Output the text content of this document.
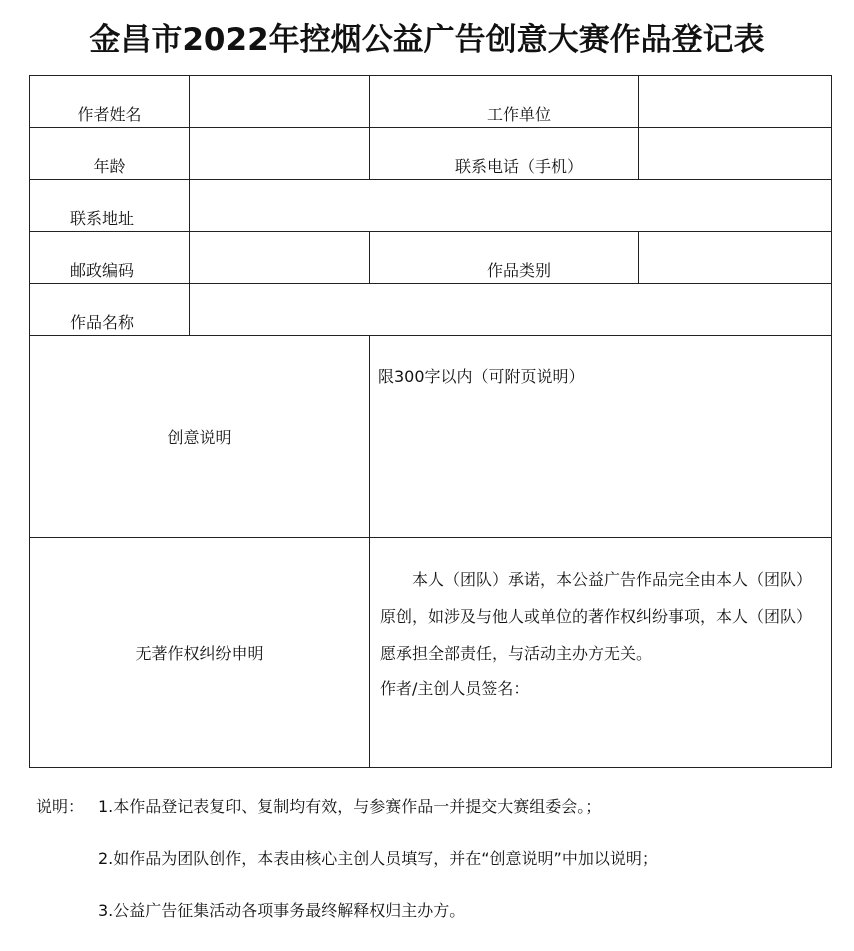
金昌市2022年控烟公益广告创意大赛作品登记表
作者姓名		工作单位	
年龄		联系电话（手机）	
联系地址			
邮政编码		作品类别	
作品名称			
创意说明		限300字以内（可附页说明）	
无著作权纠纷申明		本人（团队）承诺，本公益广告作品完全由本人（团队）原创，如涉及与他人或单位的著作权纠纷事项，本人（团队）愿承担全部责任，与活动主办方无关。

作者/主创人员签名：	
说明： 1.本作品登记表复印、复制均有效，与参赛作品一并提交大赛组委会。；
2.如作品为团队创作，本表由核心主创人员填写，并在“创意说明”中加以说明；
3.公益广告征集活动各项事务最终解释权归主办方。
